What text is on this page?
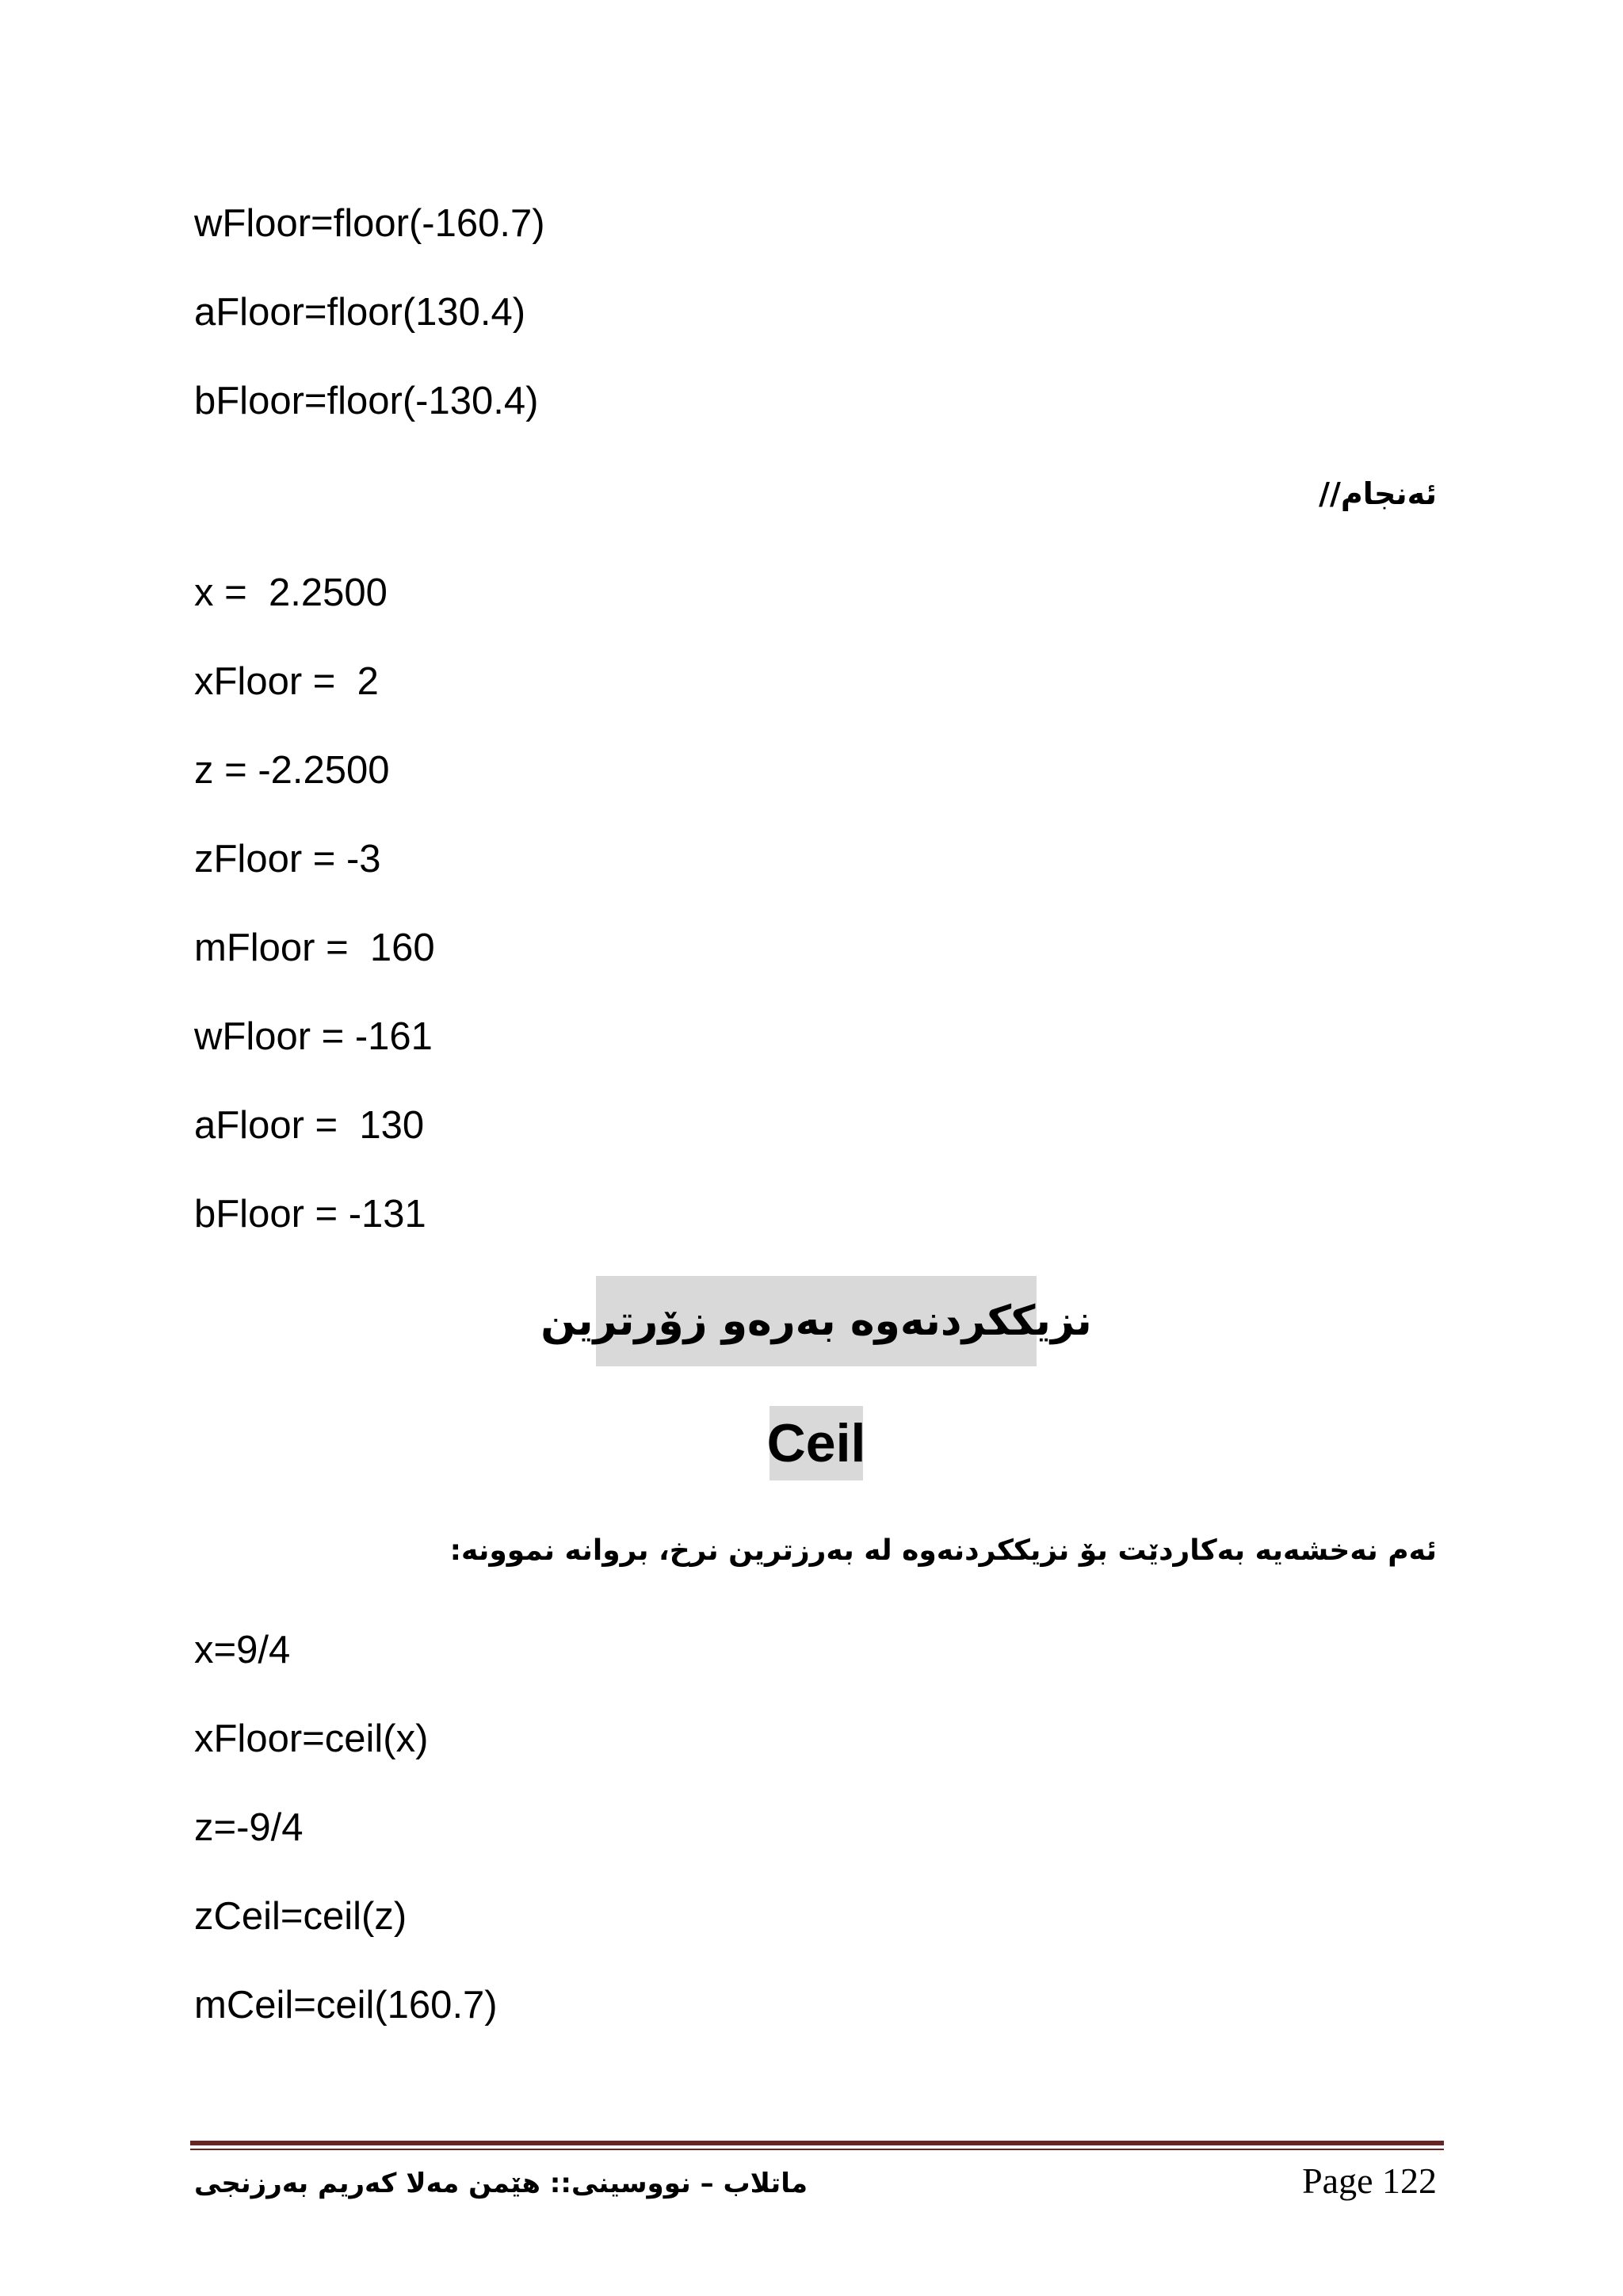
wFloor=floor(-160.7)
aFloor=floor(130.4)
bFloor=floor(-130.4)
ئەنجام//
x =  2.2500
xFloor =  2
z = -2.2500
zFloor = -3
mFloor =  160
wFloor = -161
aFloor =  130
bFloor = -131
نزیککردنەوە بەرەو زۆرترین
Ceil
ئەم نەخشەیە بەکاردێت بۆ نزیککردنەوە لە بەرزترین نرخ، بروانە نموونە:
x=9/4
xFloor=ceil(x)
z=-9/4
zCeil=ceil(z)
mCeil=ceil(160.7)
ماتلاب – نووسینی:: هێمن مەلا کەریم بەرزنجی	Page 122
